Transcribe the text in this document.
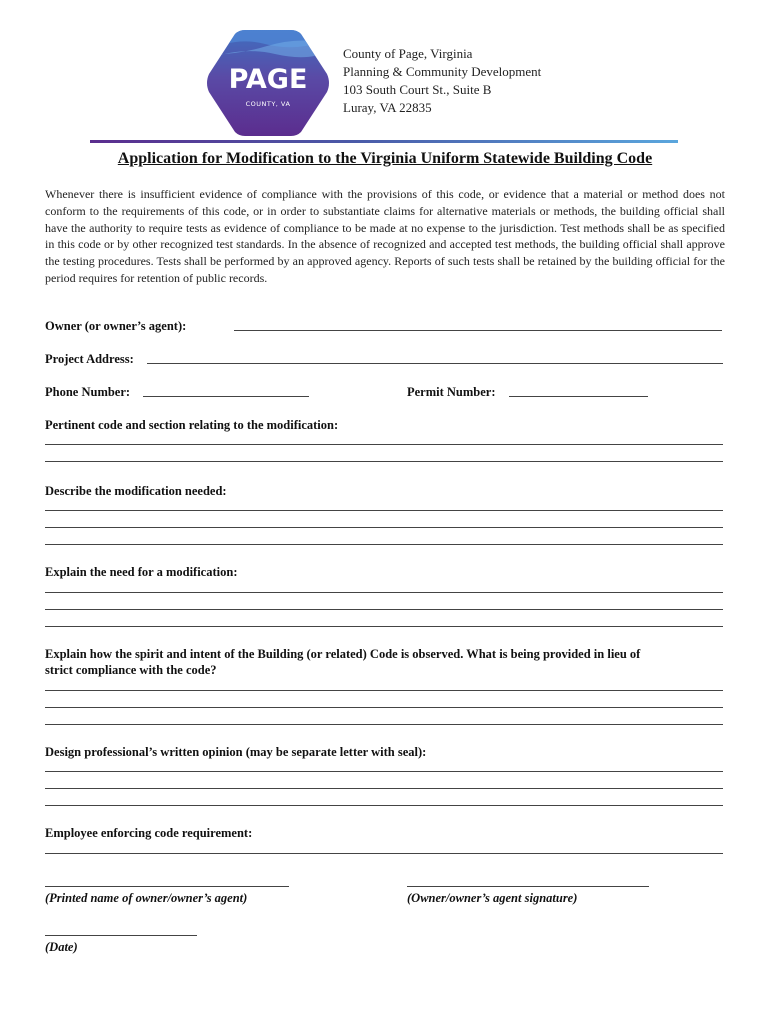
PAGE
COUNTY, VA
County of Page, Virginia
Planning & Community Development
103 South Court St., Suite B
Luray, VA 22835
Application for Modification to the Virginia Uniform Statewide Building Code
Whenever there is insufficient evidence of compliance with the provisions of this code, or evidence that a material or method does not conform to the requirements of this code, or in order to substantiate claims for alternative materials or methods, the building official shall have the authority to require tests as evidence of compliance to be made at no expense to the jurisdiction. Test methods shall be as specified in this code or by other recognized test standards. In the absence of recognized and accepted test methods, the building official shall approve the testing procedures. Tests shall be performed by an approved agency. Reports of such tests shall be retained by the building official for the period requires for retention of public records.
Owner (or owner’s agent):
Project Address:
Phone Number:	Permit Number:
Pertinent code and section relating to the modification:
Describe the modification needed:
Explain the need for a modification:
Explain how the spirit and intent of the Building (or related) Code is observed. What is being provided in lieu of
strict compliance with the code?
Design professional’s written opinion (may be separate letter with seal):
Employee enforcing code requirement:
(Printed name of owner/owner’s agent)	(Owner/owner’s agent signature)
(Date)
